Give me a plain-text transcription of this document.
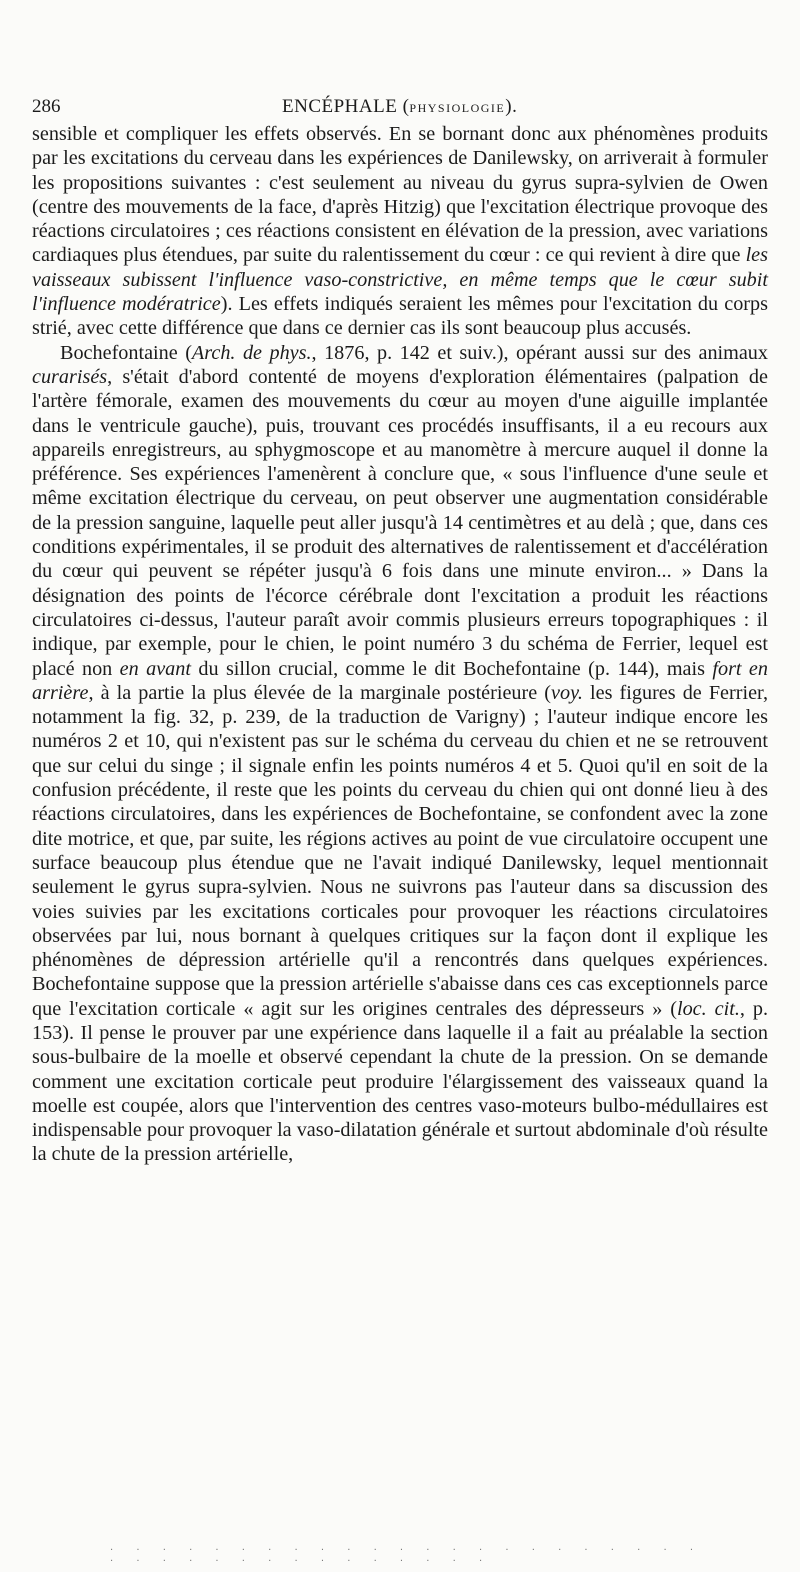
286	ENCÉPHALE (PHYSIOLOGIE).

sensible et compliquer les effets observés. En se bornant donc aux phénomènes produits par les excitations du cerveau dans les expériences de Danilewsky, on arriverait à formuler les propositions suivantes : c'est seulement au niveau du gyrus supra-sylvien de Owen (centre des mouvements de la face, d'après Hitzig) que l'excitation électrique provoque des réactions circulatoires ; ces réactions consistent en élévation de la pression, avec variations cardiaques plus étendues, par suite du ralentissement du cœur : ce qui revient à dire que les vaisseaux subissent l'influence vaso-constrictive, en même temps que le cœur subit l'influence modératrice). Les effets indiqués seraient les mêmes pour l'excitation du corps strié, avec cette différence que dans ce dernier cas ils sont beaucoup plus accusés.

Bochefontaine (Arch. de phys., 1876, p. 142 et suiv.), opérant aussi sur des animaux curarisés, s'était d'abord contenté de moyens d'exploration élémentaires (palpation de l'artère fémorale, examen des mouvements du cœur au moyen d'une aiguille implantée dans le ventricule gauche), puis, trouvant ces procédés insuffisants, il a eu recours aux appareils enregistreurs, au sphygmoscope et au manomètre à mercure auquel il donne la préférence. Ses expériences l'amenèrent à conclure que, « sous l'influence d'une seule et même excitation électrique du cerveau, on peut observer une augmentation considérable de la pression sanguine, laquelle peut aller jusqu'à 14 centimètres et au delà ; que, dans ces conditions expérimentales, il se produit des alternatives de ralentissement et d'accélération du cœur qui peuvent se répéter jusqu'à 6 fois dans une minute environ... » Dans la désignation des points de l'écorce cérébrale dont l'excitation a produit les réactions circulatoires ci-dessus, l'auteur paraît avoir commis plusieurs erreurs topographiques : il indique, par exemple, pour le chien, le point numéro 3 du schéma de Ferrier, lequel est placé non en avant du sillon crucial, comme le dit Bochefontaine (p. 144), mais fort en arrière, à la partie la plus élevée de la marginale postérieure (voy. les figures de Ferrier, notamment la fig. 32, p. 239, de la traduction de Varigny) ; l'auteur indique encore les numéros 2 et 10, qui n'existent pas sur le schéma du cerveau du chien et ne se retrouvent que sur celui du singe ; il signale enfin les points numéros 4 et 5. Quoi qu'il en soit de la confusion précédente, il reste que les points du cerveau du chien qui ont donné lieu à des réactions circulatoires, dans les expériences de Bochefontaine, se confondent avec la zone dite motrice, et que, par suite, les régions actives au point de vue circulatoire occupent une surface beaucoup plus étendue que ne l'avait indiqué Danilewsky, lequel mentionnait seulement le gyrus supra-sylvien. Nous ne suivrons pas l'auteur dans sa discussion des voies suivies par les excitations corticales pour provoquer les réactions circulatoires observées par lui, nous bornant à quelques critiques sur la façon dont il explique les phénomènes de dépression artérielle qu'il a rencontrés dans quelques expériences. Bochefontaine suppose que la pression artérielle s'abaisse dans ces cas exceptionnels parce que l'excitation corticale « agit sur les origines centrales des dépresseurs » (loc. cit., p. 153). Il pense le prouver par une expérience dans laquelle il a fait au préalable la section sous-bulbaire de la moelle et observé cependant la chute de la pression. On se demande comment une excitation corticale peut produire l'élargissement des vaisseaux quand la moelle est coupée, alors que l'intervention des centres vaso-moteurs bulbo-médullaires est indispensable pour provoquer la vaso-dilatation générale et surtout abdominale d'où résulte la chute de la pression artérielle,

· · · · · · · · · · · · · · · · · · · · · · · · · · · · · · · · · · · · · ·
